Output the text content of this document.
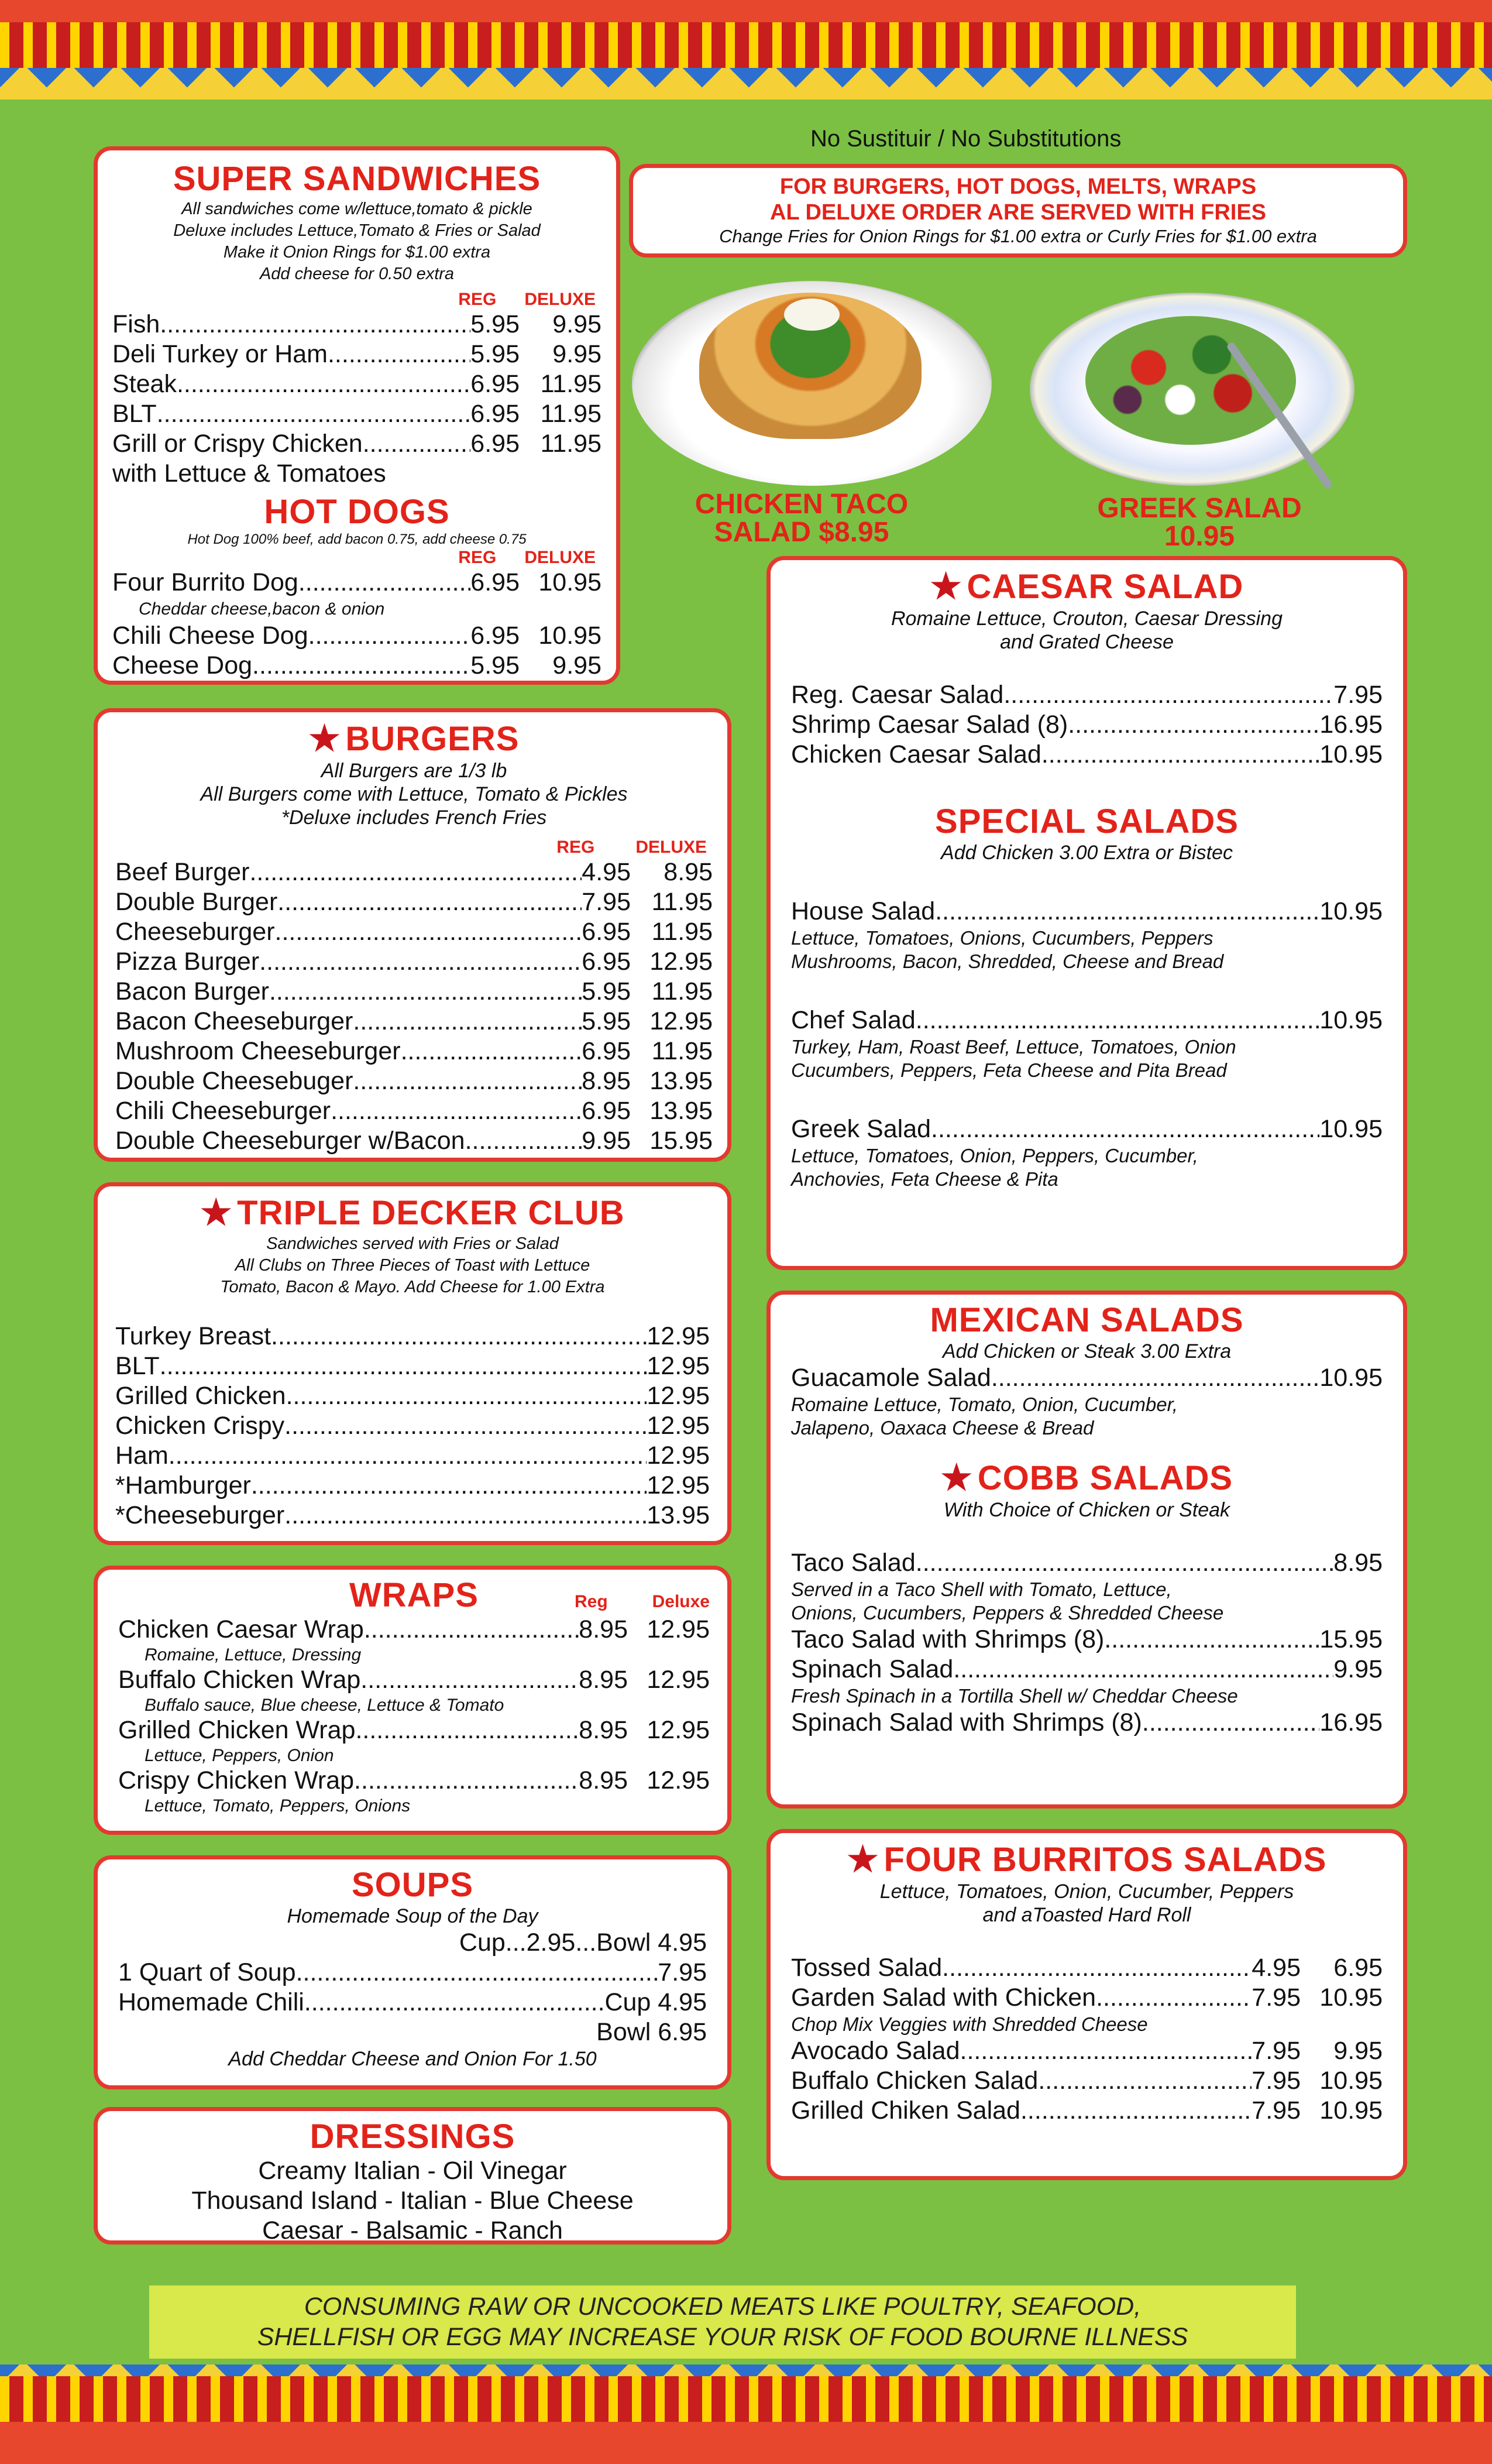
No Sustituir / No Substitutions
FOR BURGERS, HOT DOGS, MELTS, WRAPS
AL DELUXE ORDER ARE SERVED WITH FRIES
Change Fries for Onion Rings for $1.00 extra or Curly Fries for $1.00 extra
CHICKEN TACO
SALAD $8.95
GREEK SALAD
10.95
SUPER SANDWICHES
All sandwiches come w/lettuce,tomato & pickle
Deluxe includes Lettuce,Tomato & Fries or Salad
Make it Onion Rings for $1.00 extra
Add cheese for 0.50 extra
REG DELUXE
Fish .....	5.95	9.95
Deli Turkey or Ham .....	5.95	9.95
Steak .....	6.95 11.95
BLT .....	6.95 11.95
Grill or Crispy Chicken .....	6.95 11.95
with Lettuce & Tomatoes
HOT DOGS
Hot Dog 100% beef, add bacon 0.75, add cheese 0.75
REG DELUXE
Four Burrito Dog .....	6.95 10.95
Cheddar cheese,bacon & onion
Chili Cheese Dog .....	6.95 10.95
Cheese Dog .....	5.95	9.95
★ BURGERS
All Burgers are 1/3 lb
All Burgers come with Lettuce, Tomato & Pickles
*Deluxe includes French Fries
REG DELUXE
Beef Burger .....	4.95	8.95
Double Burger .....	7.95 11.95
Cheeseburger .....	6.95 11.95
Pizza Burger .....	6.95 12.95
Bacon Burger .....	5.95 11.95
Bacon Cheeseburger .....	5.95 12.95
Mushroom Cheeseburger .....	6.95 11.95
Double Cheesebuger .....	8.95 13.95
Chili Cheeseburger .....	6.95 13.95
Double Cheeseburger w/Bacon .....	9.95 15.95
★ TRIPLE DECKER CLUB
Sandwiches served with Fries or Salad
All Clubs on Three Pieces of Toast with Lettuce
Tomato, Bacon & Mayo. Add Cheese for 1.00 Extra
Turkey Breast .....	12.95
BLT .....	12.95
Grilled Chicken .....	12.95
Chicken Crispy .....	12.95
Ham .....	12.95
*Hamburger .....	12.95
*Cheeseburger .....	13.95
WRAPS	Reg	Deluxe
Chicken Caesar Wrap .....	8.95 12.95
Romaine, Lettuce, Dressing
Buffalo Chicken Wrap .....	8.95 12.95
Buffalo sauce, Blue cheese, Lettuce & Tomato
Grilled Chicken Wrap .....	8.95 12.95
Lettuce, Peppers, Onion
Crispy Chicken Wrap .....	8.95 12.95
Lettuce, Tomato, Peppers, Onions
SOUPS
Homemade Soup of the Day
Cup...2.95...Bowl 4.95
1 Quart of Soup .....	7.95
Homemade Chili .....	Cup 4.95
Bowl 6.95
Add Cheddar Cheese and Onion For 1.50
DRESSINGS
Creamy Italian - Oil Vinegar
Thousand Island - Italian - Blue Cheese
Caesar - Balsamic - Ranch
★ CAESAR SALAD
Romaine Lettuce, Crouton, Caesar Dressing
and Grated Cheese
Reg. Caesar Salad .....	7.95
Shrimp Caesar Salad (8) .....	16.95
Chicken Caesar Salad .....	10.95
SPECIAL SALADS
Add Chicken 3.00 Extra or Bistec
House Salad .....	10.95
Lettuce, Tomatoes, Onions, Cucumbers, Peppers
Mushrooms, Bacon, Shredded, Cheese and Bread
Chef Salad .....	10.95
Turkey, Ham, Roast Beef, Lettuce, Tomatoes, Onion
Cucumbers, Peppers, Feta Cheese and Pita Bread
Greek Salad .....	10.95
Lettuce, Tomatoes, Onion, Peppers, Cucumber,
Anchovies, Feta Cheese & Pita
MEXICAN SALADS
Add Chicken or Steak 3.00 Extra
Guacamole Salad .....	10.95
Romaine Lettuce, Tomato, Onion, Cucumber,
Jalapeno, Oaxaca Cheese & Bread
★ COBB SALADS
With Choice of Chicken or Steak
Taco Salad .....	8.95
Served in a Taco Shell with Tomato, Lettuce,
Onions, Cucumbers, Peppers & Shredded Cheese
Taco Salad with Shrimps (8) .....	15.95
Spinach Salad .....	9.95
Fresh Spinach in a Tortilla Shell w/ Cheddar Cheese
Spinach Salad with Shrimps (8) .....	16.95
★ FOUR BURRITOS SALADS
Lettuce, Tomatoes, Onion, Cucumber, Peppers
and aToasted Hard Roll
Tossed Salad .....	4.95	6.95
Garden Salad with Chicken .....	7.95 10.95
Chop Mix Veggies with Shredded Cheese
Avocado Salad .....	7.95	9.95
Buffalo Chicken Salad .....	7.95 10.95
Grilled Chiken Salad .....	7.95 10.95
CONSUMING RAW OR UNCOOKED MEATS LIKE POULTRY, SEAFOOD,
SHELLFISH OR EGG MAY INCREASE YOUR RISK OF FOOD BOURNE ILLNESS
